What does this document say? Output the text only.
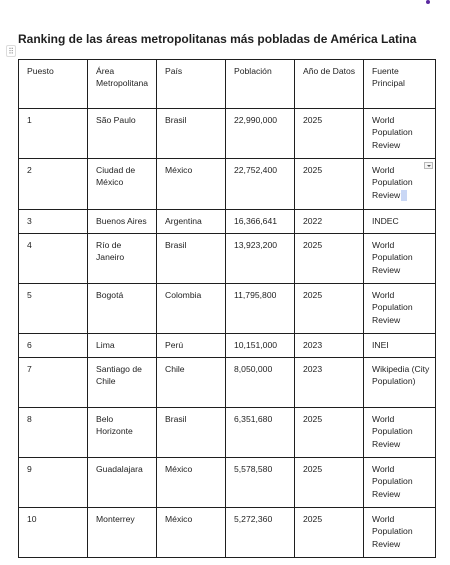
⠿
Ranking de las áreas metropolitanas más pobladas de América Latina
Puesto	Área Metropolitana	País	Población	Año de Datos	Fuente Principal
1	São Paulo	Brasil	22,990,000	2025	World Population Review
2	Ciudad de México	México	22,752,400	2025	World Population Review

3	Buenos Aires	Argentina	16,366,641	2022	INDEC
4	Río de Janeiro	Brasil	13,923,200	2025	World Population Review
5	Bogotá	Colombia	11,795,800	2025	World Population Review
6	Lima	Perú	10,151,000	2023	INEI
7	Santiago de Chile	Chile	8,050,000	2023	Wikipedia (City Population)
8	Belo Horizonte	Brasil	6,351,680	2025	World Population Review
9	Guadalajara	México	5,578,580	2025	World Population Review
10	Monterrey	México	5,272,360	2025	World Population Review
